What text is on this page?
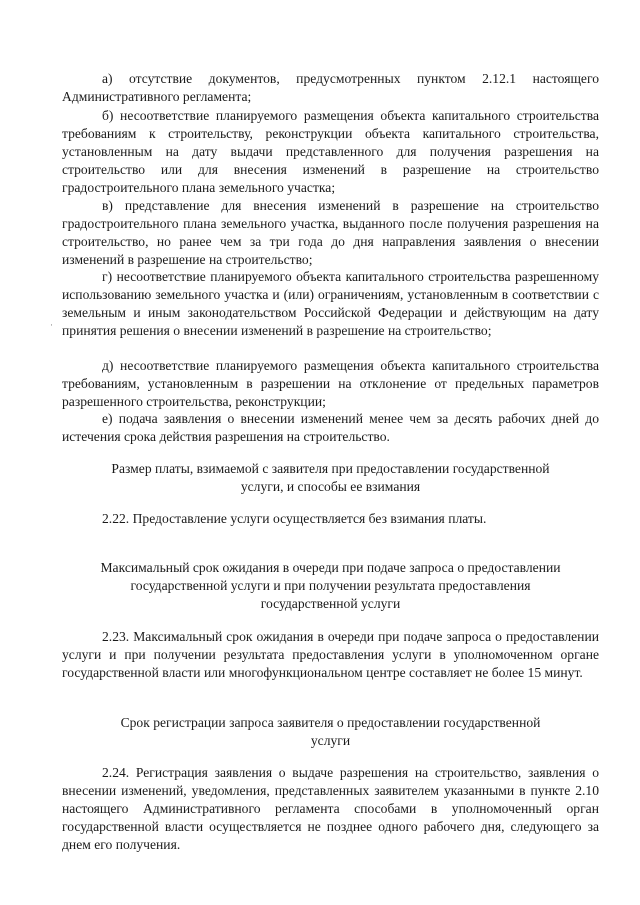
а) отсутствие документов, предусмотренных пунктом 2.12.1 настоящего Административного регламента;

б) несоответствие планируемого размещения объекта капитального строительства требованиям к строительству, реконструкции объекта капитального строительства, установленным на дату выдачи представленного для получения разрешения на строительство или для внесения изменений в разрешение на строительство градостроительного плана земельного участка;

в) представление для внесения изменений в разрешение на строительство градостроительного плана земельного участка, выданного после получения разрешения на строительство, но ранее чем за три года до дня направления заявления о внесении изменений в разрешение на строительство;

г) несоответствие планируемого объекта капитального строительства разрешенному использованию земельного участка и (или) ограничениям, установленным в соответствии с земельным и иным законодательством Российской Федерации и действующим на дату принятия решения о внесении изменений в разрешение на строительство;

д) несоответствие планируемого размещения объекта капитального строительства требованиям, установленным в разрешении на отклонение от предельных параметров разрешенного строительства, реконструкции;

е) подача заявления о внесении изменений менее чем за десять рабочих дней до истечения срока действия разрешения на строительство.

Размер платы, взимаемой с заявителя при предоставлении государственной услуги, и способы ее взимания

2.22. Предоставление услуги осуществляется без взимания платы.

Максимальный срок ожидания в очереди при подаче запроса о предоставлении государственной услуги и при получении результата предоставления государственной услуги

2.23. Максимальный срок ожидания в очереди при подаче запроса о предоставлении услуги и при получении результата предоставления услуги в уполномоченном органе государственной власти или многофункциональном центре составляет не более 15 минут.

Срок регистрации запроса заявителя о предоставлении государственной услуги

2.24. Регистрация заявления о выдаче разрешения на строительство, заявления о внесении изменений, уведомления, представленных заявителем указанными в пункте 2.10 настоящего Административного регламента способами в уполномоченный орган государственной власти осуществляется не позднее одного рабочего дня, следующего за днем его получения.

·
